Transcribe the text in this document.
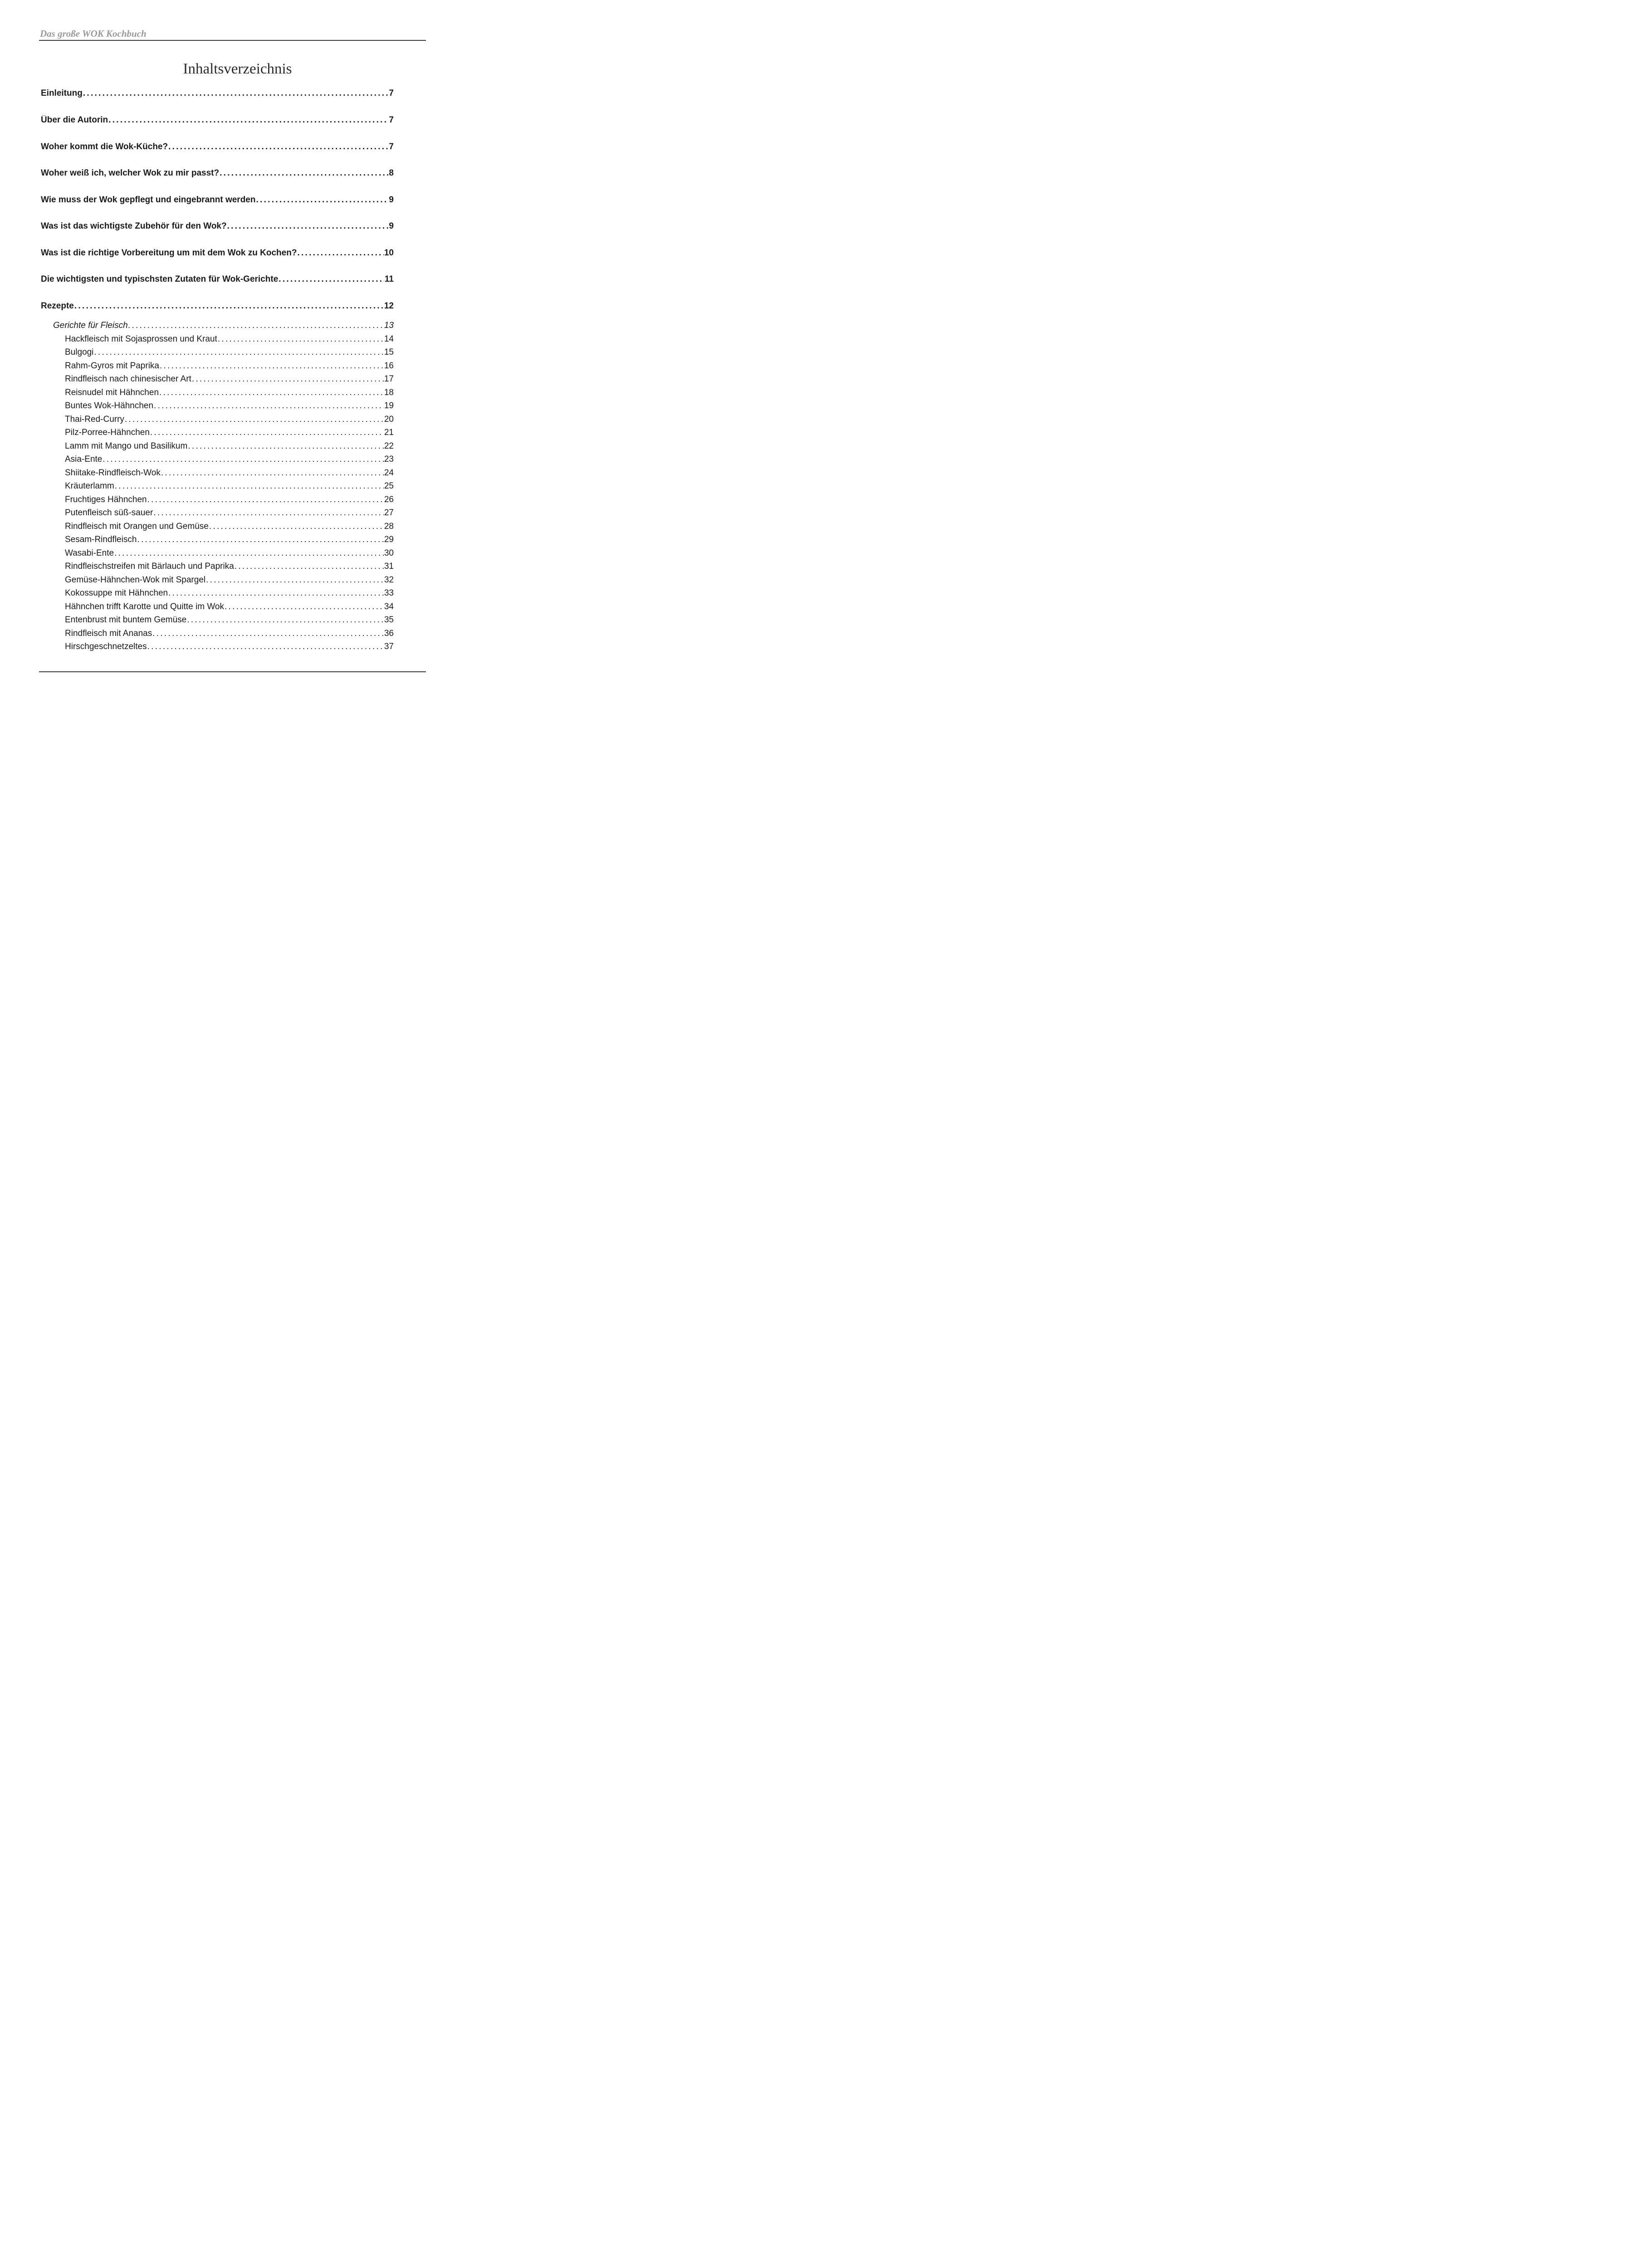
Das große WOK Kochbuch
Inhaltsverzeichnis
Einleitung . . .	7
Über die Autorin . . .	7
Woher kommt die Wok-Küche? . . .	7
Woher weiß ich, welcher Wok zu mir passt? . . .	8
Wie muss der Wok gepflegt und eingebrannt werden . . .	9
Was ist das wichtigste Zubehör für den Wok? . . .	9
Was ist die richtige Vorbereitung um mit dem Wok zu Kochen? . . .	10
Die wichtigsten und typischsten Zutaten für Wok-Gerichte . . .	11
Rezepte . . .	12
Gerichte für Fleisch . . .	13
Hackfleisch mit Sojasprossen und Kraut . . .	14
Bulgogi . . .	15
Rahm-Gyros mit Paprika . . .	16
Rindfleisch nach chinesischer Art . . .	17
Reisnudel mit Hähnchen . . .	18
Buntes Wok-Hähnchen . . .	19
Thai-Red-Curry . . .	20
Pilz-Porree-Hähnchen . . .	21
Lamm mit Mango und Basilikum . . .	22
Asia-Ente . . .	23
Shiitake-Rindfleisch-Wok . . .	24
Kräuterlamm . . .	25
Fruchtiges Hähnchen . . .	26
Putenfleisch süß-sauer . . .	27
Rindfleisch mit Orangen und Gemüse . . .	28
Sesam-Rindfleisch . . .	29
Wasabi-Ente . . .	30
Rindfleischstreifen mit Bärlauch und Paprika . . .	31
Gemüse-Hähnchen-Wok mit Spargel . . .	32
Kokossuppe mit Hähnchen . . .	33
Hähnchen trifft Karotte und Quitte im Wok . . .	34
Entenbrust mit buntem Gemüse . . .	35
Rindfleisch mit Ananas . . .	36
Hirschgeschnetzeltes . . .	37
